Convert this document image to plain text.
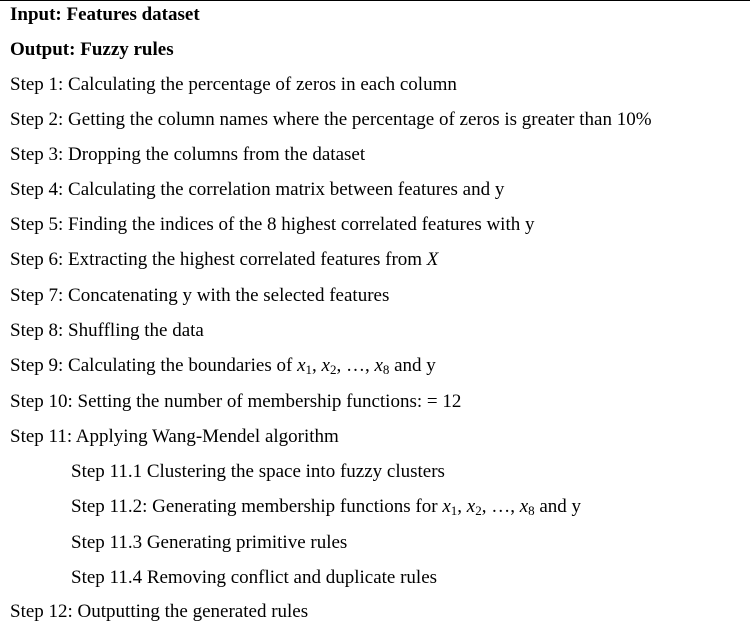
Input: Features dataset
Output: Fuzzy rules
Step 1: Calculating the percentage of zeros in each column
Step 2: Getting the column names where the percentage of zeros is greater than 10%
Step 3: Dropping the columns from the dataset
Step 4: Calculating the correlation matrix between features and y
Step 5: Finding the indices of the 8 highest correlated features with y
Step 6: Extracting the highest correlated features from X
Step 7: Concatenating y with the selected features
Step 8: Shuffling the data
Step 9: Calculating the boundaries of $x_1$, $x_2$, …, $x_8$ and y
Step 10: Setting the number of membership functions: = 12
Step 11: Applying Wang-Mendel algorithm
Step 11.1 Clustering the space into fuzzy clusters
Step 11.2: Generating membership functions for $x_1$, $x_2$, …, $x_8$ and y
Step 11.3 Generating primitive rules
Step 11.4 Removing conflict and duplicate rules
Step 12: Outputting the generated rules
